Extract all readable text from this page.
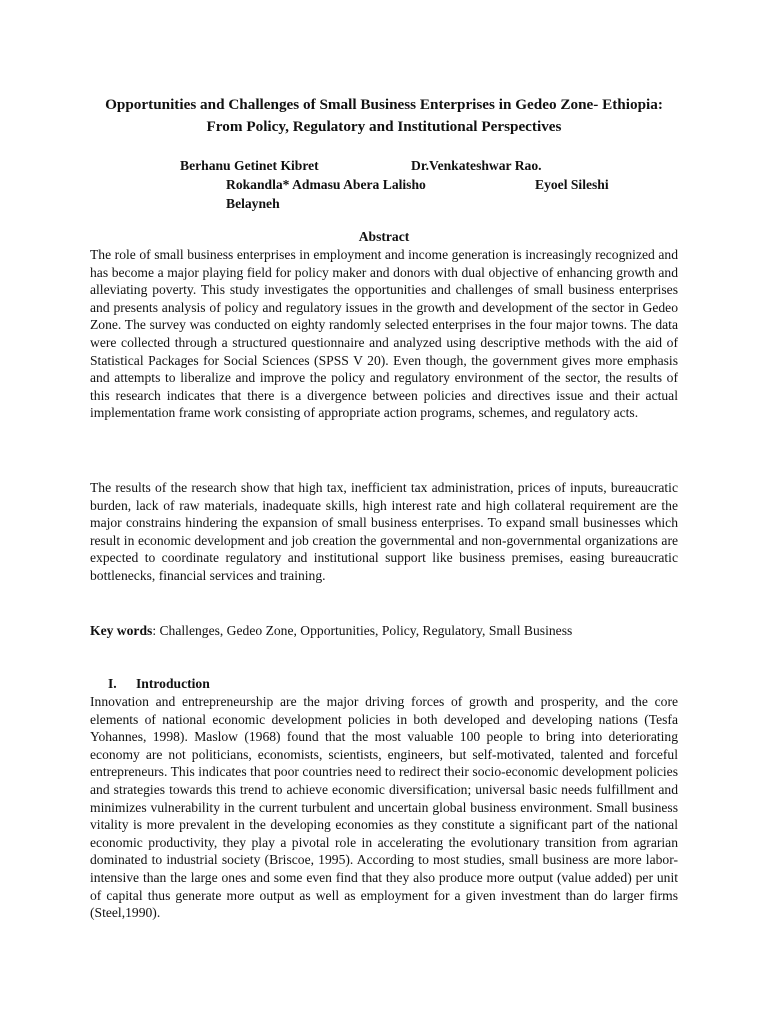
Opportunities and Challenges of Small Business Enterprises in Gedeo Zone- Ethiopia: From Policy, Regulatory and Institutional Perspectives
Berhanu Getinet Kibret	Dr.Venkateshwar Rao.
Rokandla* Admasu Abera Lalisho	Eyoel Sileshi
Belayneh
Abstract

The role of small business enterprises in employment and income generation is increasingly recognized and has become a major playing field for policy maker and donors with dual objective of enhancing growth and alleviating poverty. This study investigates the opportunities and challenges of small business enterprises and presents analysis of policy and regulatory issues in the growth and development of the sector in Gedeo Zone. The survey was conducted on eighty randomly selected enterprises in the four major towns. The data were collected through a structured questionnaire and analyzed using descriptive methods with the aid of Statistical Packages for Social Sciences (SPSS V 20). Even though, the government gives more emphasis and attempts to liberalize and improve the policy and regulatory environment of the sector, the results of this research indicates that there is a divergence between policies and directives issue and their actual implementation frame work consisting of appropriate action programs, schemes, and regulatory acts.

The results of the research show that high tax, inefficient tax administration, prices of inputs, bureaucratic burden, lack of raw materials, inadequate skills, high interest rate and high collateral requirement are the major constrains hindering the expansion of small business enterprises. To expand small businesses which result in economic development and job creation the governmental and non-governmental organizations are expected to coordinate regulatory and institutional support like business premises, easing bureaucratic bottlenecks, financial services and training.

Key words: Challenges, Gedeo Zone, Opportunities, Policy, Regulatory, Small Business

I. Introduction

Innovation and entrepreneurship are the major driving forces of growth and prosperity, and the core elements of national economic development policies in both developed and developing nations (Tesfa Yohannes, 1998). Maslow (1968) found that the most valuable 100 people to bring into deteriorating economy are not politicians, economists, scientists, engineers, but self-motivated, talented and forceful entrepreneurs. This indicates that poor countries need to redirect their socio-economic development policies and strategies towards this trend to achieve economic diversification; universal basic needs fulfillment and minimizes vulnerability in the current turbulent and uncertain global business environment. Small business vitality is more prevalent in the developing economies as they constitute a significant part of the national economic productivity, they play a pivotal role in accelerating the evolutionary transition from agrarian dominated to industrial society (Briscoe, 1995). According to most studies, small business are more labor-intensive than the large ones and some even find that they also produce more output (value added) per unit of capital thus generate more output as well as employment for a given investment than do larger firms (Steel,1990).
